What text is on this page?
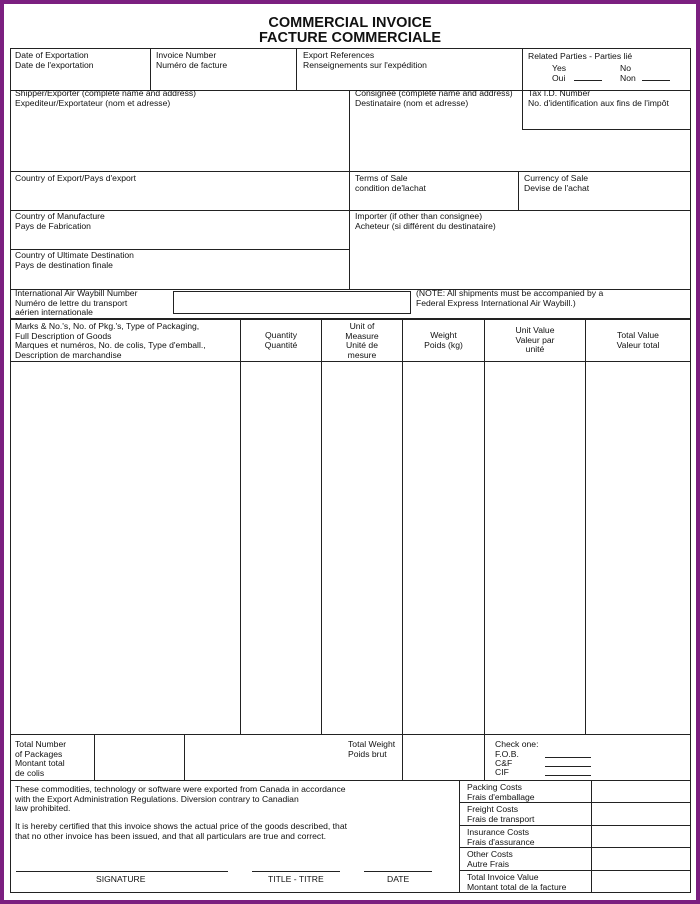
COMMERCIAL INVOICE
FACTURE COMMERCIALE
Date of Exportation
Date de l'exportation
Invoice Number
Numéro de facture
Export References
Renseignements sur l'expédition
Related Parties - Parties lié
Yes
Oui
No
Non
Shipper/Exporter (complete name and address)
Expediteur/Exportateur (nom et adresse)
Consignee (complete name and address)
Destinataire (nom et adresse)
Tax I.D. Number
No. d'identification aux fins de l'impôt
Country of Export/Pays d'export	Terms of Sale
condition de'lachat
Currency of Sale
Devise de l'achat
Country of Manufacture
Pays de Fabrication
Importer (if other than consignee)
Acheteur (si différent du destinataire)
Country of Ultimate Destination
Pays de destination finale
International Air Waybill Number
Numéro de lettre du transport
aérien internationale
(NOTE: All shipments must be accompanied by a
Federal Express International Air Waybill.)
Marks & No.'s, No. of Pkg.'s, Type of Packaging,
Full Description of Goods
Marques et numéros, No. de colis, Type d'emball.,
Description de marchandise
Quantity
Quantité
Unit of
Measure
Unité de
mesure
Weight
Poids (kg)
Unit Value
Valeur par
unité
Total Value
Valeur total
Total Number
of Packages
Montant total
de colis
Total Weight
Poids brut
Check one:
F.O.B.
C&F
CIF
These commodities, technology or software were exported from Canada in accordance
with the Export Administration Regulations. Diversion contrary to Canadian
law prohibited.
It is hereby certified that this invoice shows the actual price of the goods described, that
that no other invoice has been issued, and that all particulars are true and correct.
SIGNATURE	TITLE - TITRE	DATE
Packing Costs
Frais d'emballage
Freight Costs
Frais de transport
Insurance Costs
Frais d'assurance
Other Costs
Autre Frais
Total Invoice Value
Montant total de la facture
